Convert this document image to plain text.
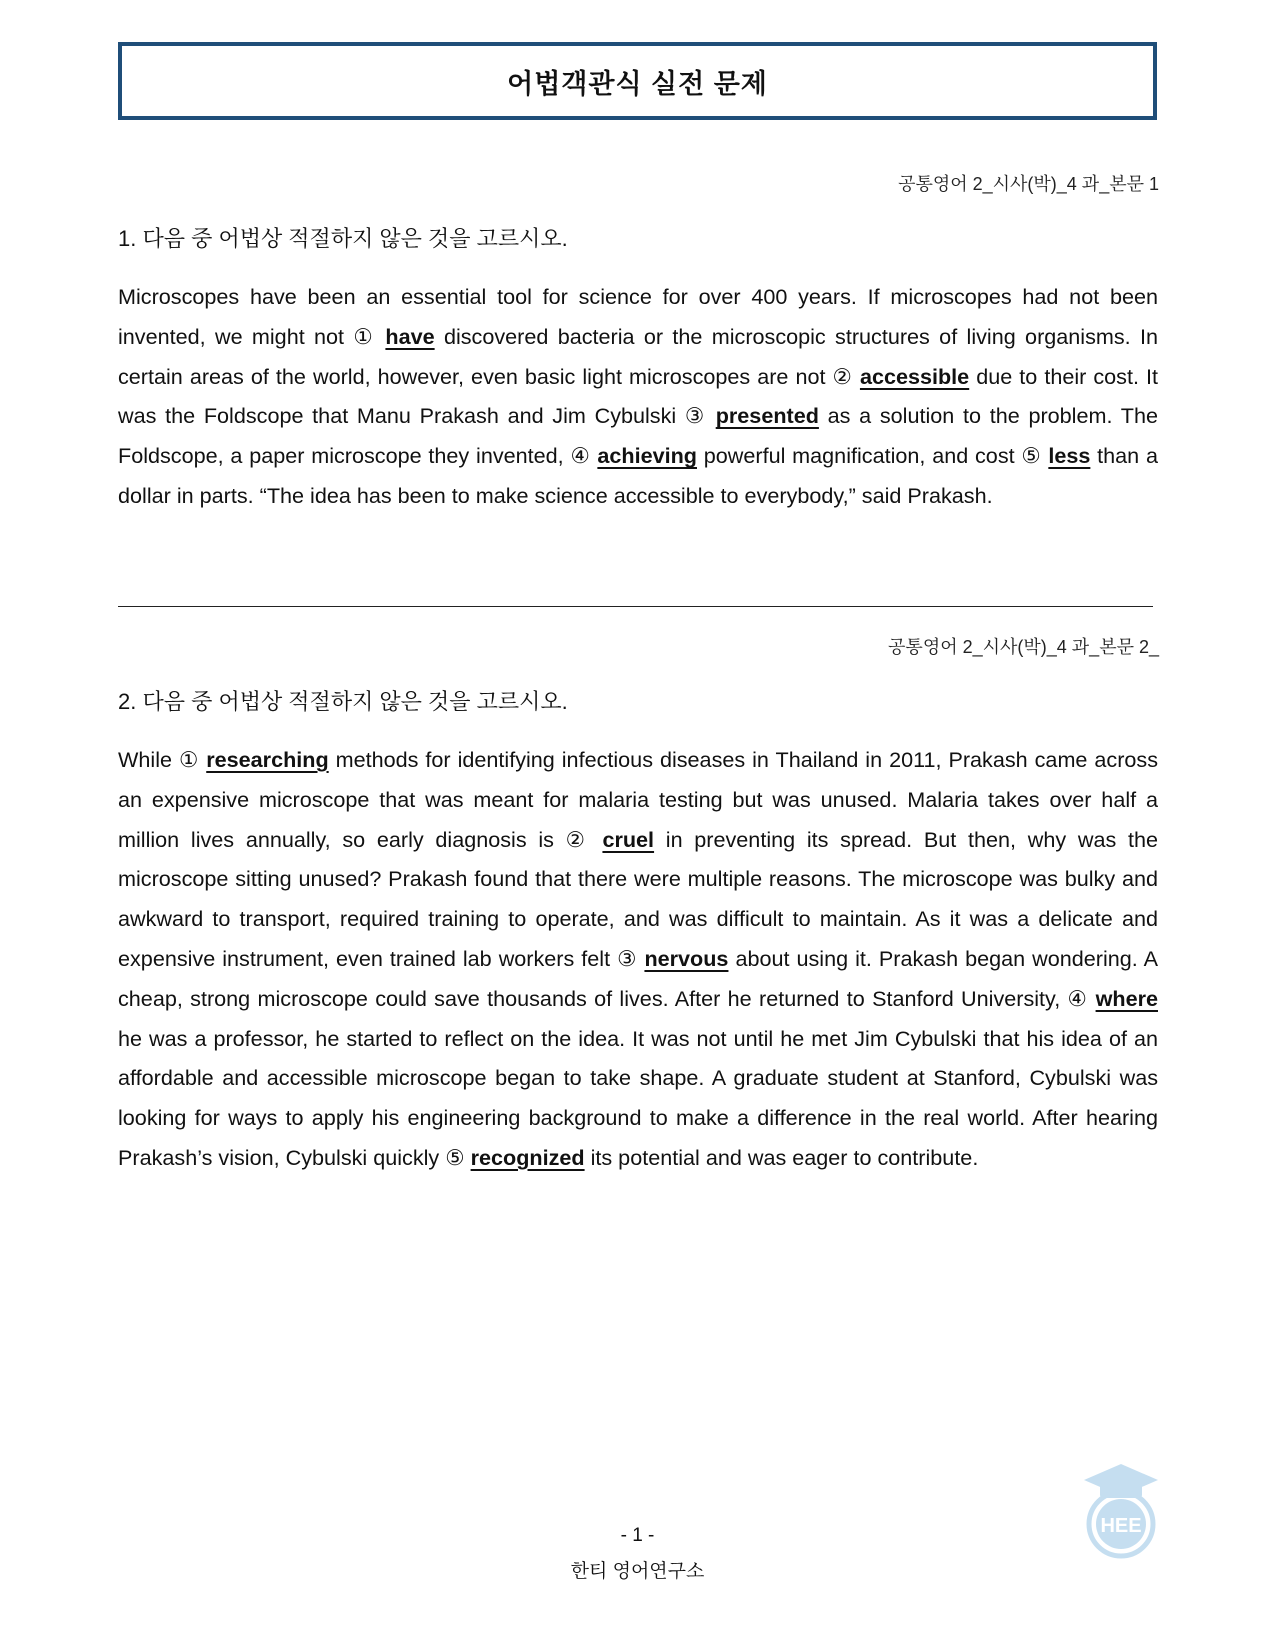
어법객관식 실전 문제
공통영어 2_시사(박)_4 과_본문 1

1. 다음 중 어법상 적절하지 않은 것을 고르시오.

Microscopes have been an essential tool for science for over 400 years. If microscopes had not been invented, we might not ① have discovered bacteria or the microscopic structures of living organisms. In certain areas of the world, however, even basic light microscopes are not ② accessible due to their cost. It was the Foldscope that Manu Prakash and Jim Cybulski ③ presented as a solution to the problem. The Foldscope, a paper microscope they invented, ④ achieving powerful magnification, and cost ⑤ less than a dollar in parts. “The idea has been to make science accessible to everybody,” said Prakash.

공통영어 2_시사(박)_4 과_본문 2_

2. 다음 중 어법상 적절하지 않은 것을 고르시오.

While ① researching methods for identifying infectious diseases in Thailand in 2011, Prakash came across an expensive microscope that was meant for malaria testing but was unused. Malaria takes over half a million lives annually, so early diagnosis is ② cruel in preventing its spread. But then, why was the microscope sitting unused? Prakash found that there were multiple reasons. The microscope was bulky and awkward to transport, required training to operate, and was difficult to maintain. As it was a delicate and expensive instrument, even trained lab workers felt ③ nervous about using it. Prakash began wondering. A cheap, strong microscope could save thousands of lives. After he returned to Stanford University, ④ where he was a professor, he started to reflect on the idea. It was not until he met Jim Cybulski that his idea of an affordable and accessible microscope began to take shape. A graduate student at Stanford, Cybulski was looking for ways to apply his engineering background to make a difference in the real world. After hearing Prakash’s vision, Cybulski quickly ⑤ recognized its potential and was eager to contribute.

- 1 -
한티 영어연구소
HEE
